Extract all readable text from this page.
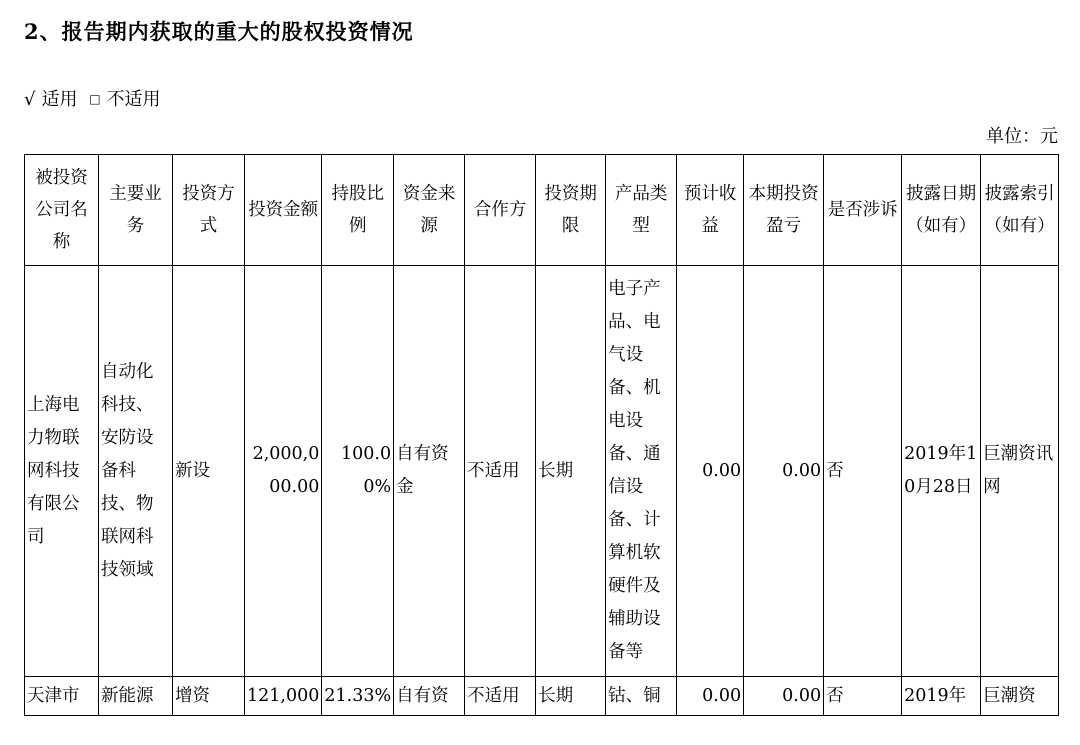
2、报告期内获取的重大的股权投资情况
√ 适用 □ 不适用
单位：元
被投资公司名称	主要业务	投资方式	投资金额	持股比例	资金来源	合作方	投资期限	产品类型	预计收益	本期投资盈亏	是否涉诉	披露日期（如有）	披露索引（如有）
上海电力物联网科技有限公司	自动化科技、安防设备科技、物联网科技领域	新设	2,000,000.00	100.00%	自有资金	不适用	长期	电子产品、电气设备、机电设备、通信设备、计算机软硬件及辅助设备等	0.00	0.00	否	2019年10月28日	巨潮资讯网
天津市	新能源	增资	121,000	21.33%	自有资	不适用	长期	钴、铜	0.00	0.00	否	2019年	巨潮资
